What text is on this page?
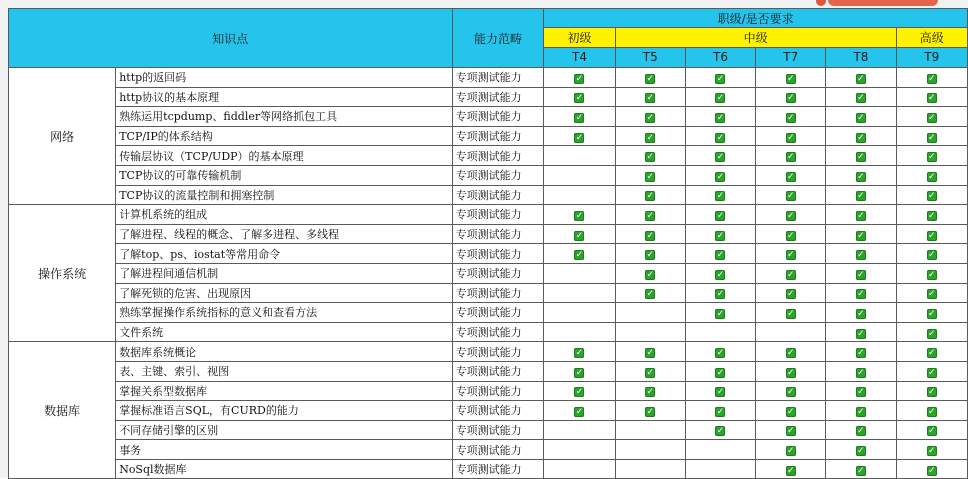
知识点		能力范畴	职级/是否要求					
			初级	中级				高级
			T4	T5	T6	T7	T8	T9
网络	http的返回码	专项测试能力	✓	✓	✓	✓	✓	✓
	http协议的基本原理	专项测试能力	✓	✓	✓	✓	✓	✓
	熟练运用tcpdump、fiddler等网络抓包工具	专项测试能力	✓	✓	✓	✓	✓	✓
	TCP/IP的体系结构	专项测试能力	✓	✓	✓	✓	✓	✓
	传输层协议（TCP/UDP）的基本原理	专项测试能力		✓	✓	✓	✓	✓
	TCP协议的可靠传输机制	专项测试能力		✓	✓	✓	✓	✓
	TCP协议的流量控制和拥塞控制	专项测试能力		✓	✓	✓	✓	✓
操作系统	计算机系统的组成	专项测试能力	✓	✓	✓	✓	✓	✓
	了解进程、线程的概念、了解多进程、多线程	专项测试能力	✓	✓	✓	✓	✓	✓
	了解top、ps、iostat等常用命令	专项测试能力	✓	✓	✓	✓	✓	✓
	了解进程间通信机制	专项测试能力		✓	✓	✓	✓	✓
	了解死锁的危害、出现原因	专项测试能力		✓	✓	✓	✓	✓
	熟练掌握操作系统指标的意义和查看方法	专项测试能力			✓	✓	✓	✓
	文件系统	专项测试能力					✓	✓
数据库	数据库系统概论	专项测试能力	✓	✓	✓	✓	✓	✓
	表、主键、索引、视图	专项测试能力	✓	✓	✓	✓	✓	✓
	掌握关系型数据库	专项测试能力	✓	✓	✓	✓	✓	✓
	掌握标准语言SQL，有CURD的能力	专项测试能力	✓	✓	✓	✓	✓	✓
	不同存储引擎的区别	专项测试能力			✓	✓	✓	✓
	事务	专项测试能力				✓	✓	✓
	NoSql数据库	专项测试能力				✓	✓	✓
